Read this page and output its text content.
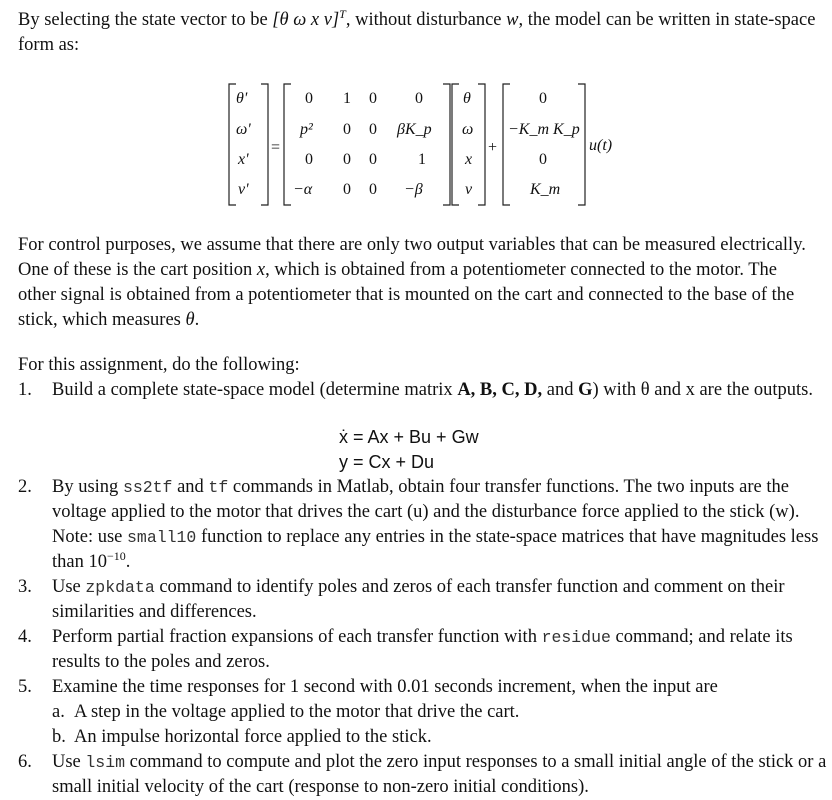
By selecting the state vector to be [θ ω x v]$^T$, without disturbance w, the model can be written in state-space form as:

θ'
ω'
x'
v'
=
0 1 0 0
p² 0 0 βK_p
0 0 0	1
−α 0 0 −β
θ
ω
x
v
+
0
−K_m K_p
0
K_m
u(t)

For control purposes, we assume that there are only two output variables that can be measured electrically. One of these is the cart position x, which is obtained from a potentiometer connected to the motor. The other signal is obtained from a potentiometer that is mounted on the cart and connected to the base of the stick, which measures θ.

For this assignment, do the following:

1. Build a complete state-space model (determine matrix A, B, C, D, and G) with θ and x are the outputs.
ẋ = Ax + Bu + Gw
y = Cx + Du
2. By using ss2tf and tf commands in Matlab, obtain four transfer functions. The two inputs are the voltage applied to the motor that drives the cart (u) and the disturbance force applied to the stick (w). Note: use small10 function to replace any entries in the state-space matrices that have magnitudes less than $10^{-10}$.
3. Use zpkdata command to identify poles and zeros of each transfer function and comment on their similarities and differences.
4. Perform partial fraction expansions of each transfer function with residue command; and relate its results to the poles and zeros.
5. Examine the time responses for 1 second with 0.01 seconds increment, when the input are
a. A step in the voltage applied to the motor that drive the cart.
b. An impulse horizontal force applied to the stick.
6. Use lsim command to compute and plot the zero input responses to a small initial angle of the stick or a small initial velocity of the cart (response to non-zero initial conditions).
